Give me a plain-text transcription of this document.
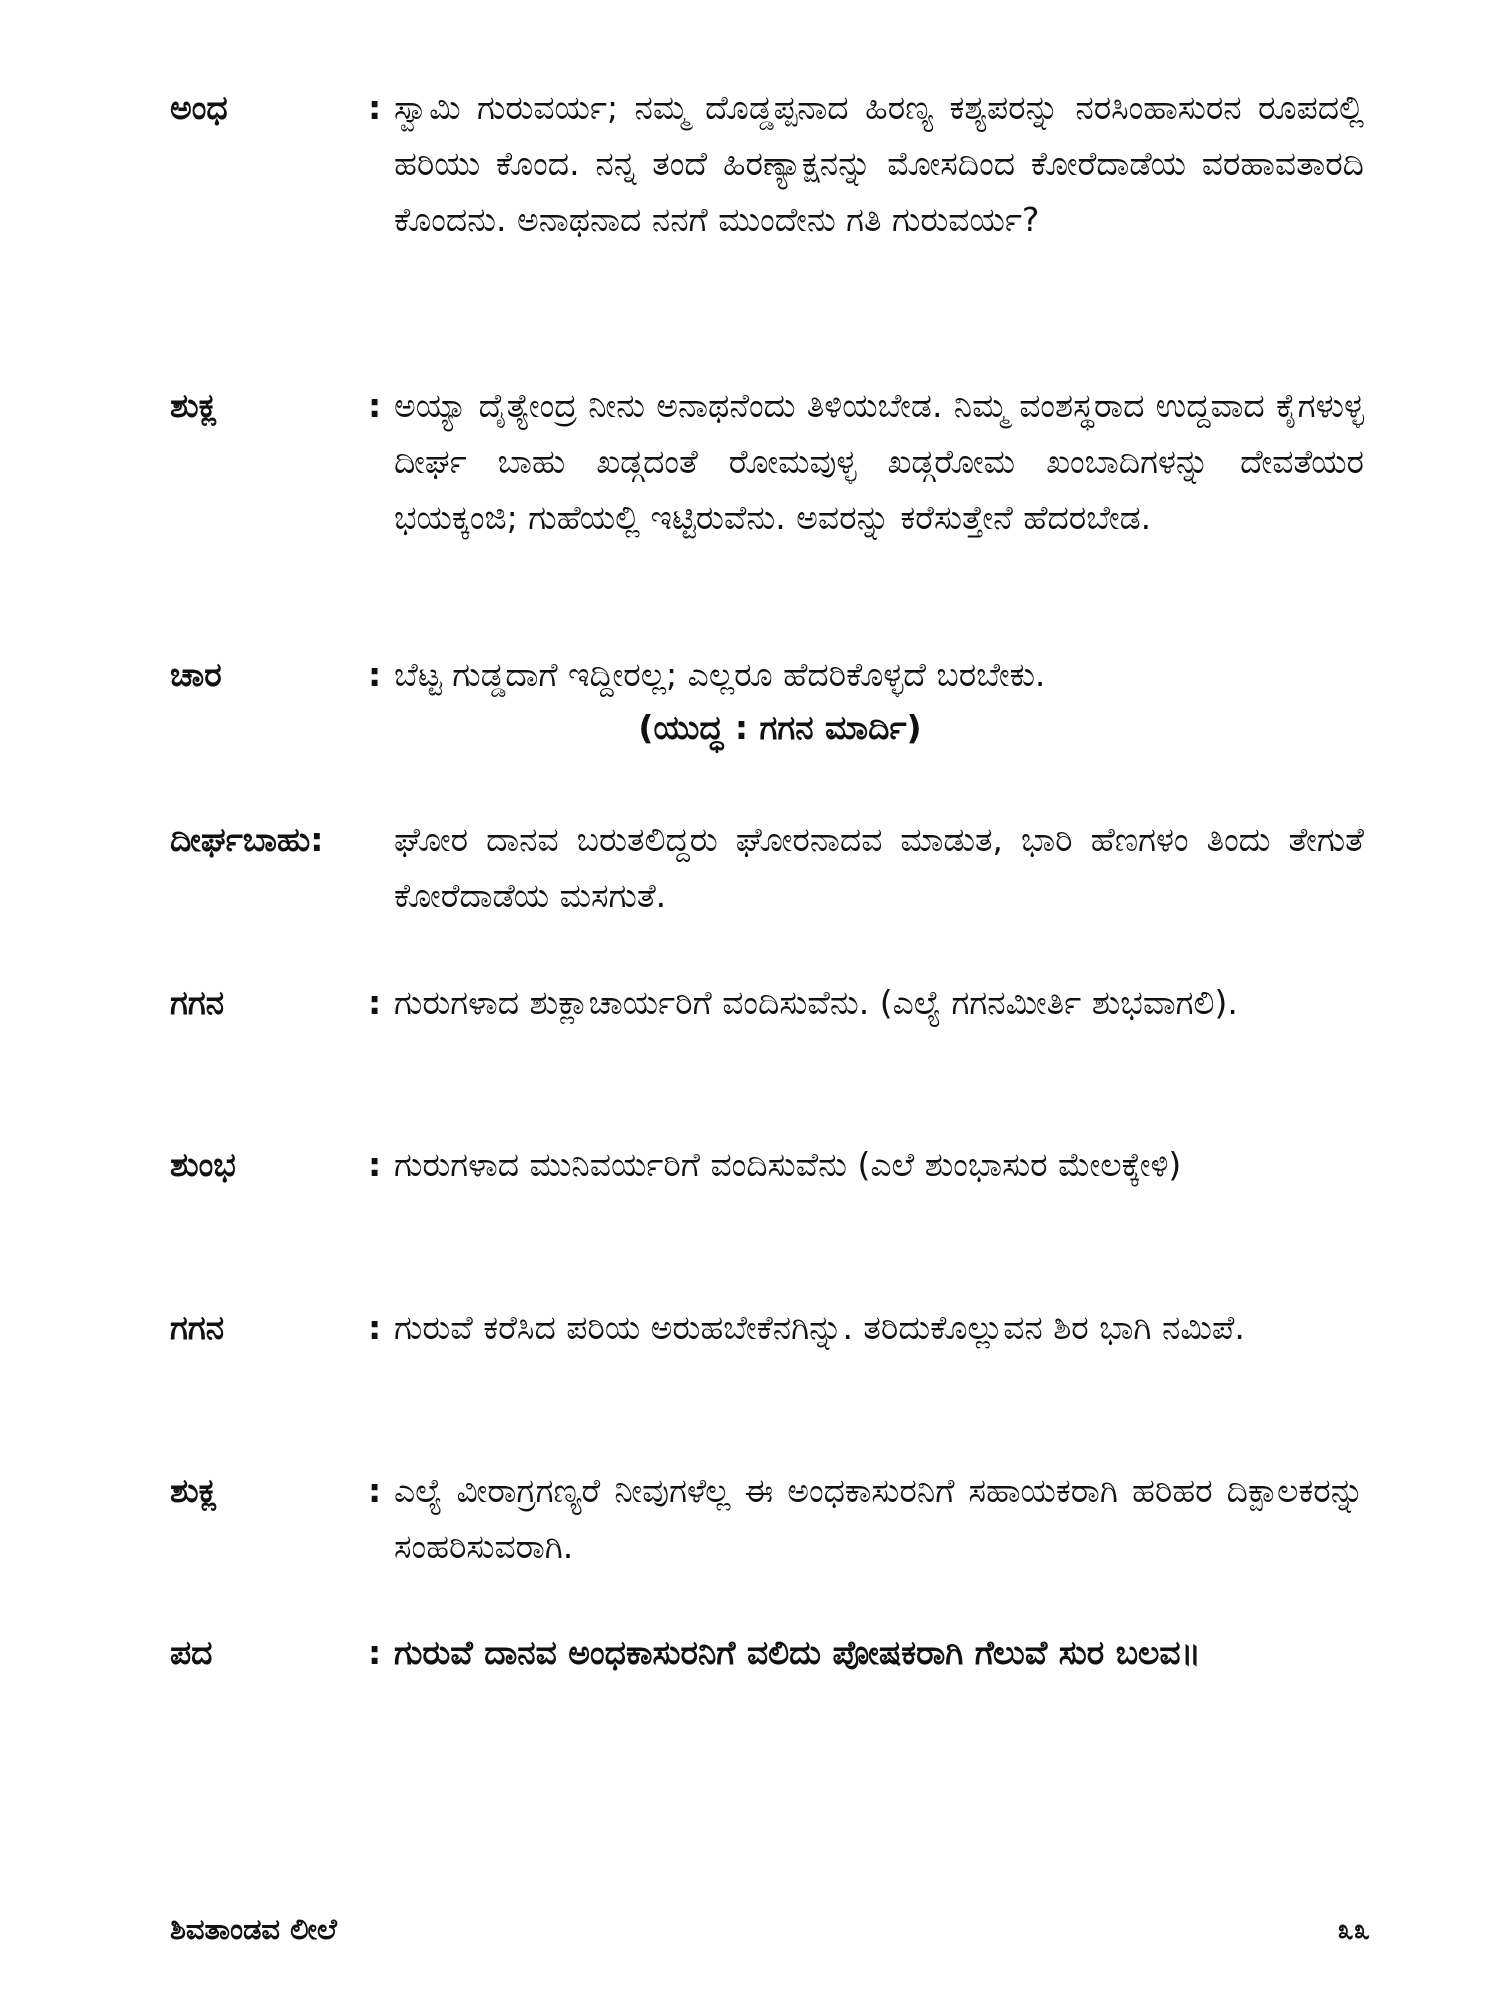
ಅಂಧ	: ಸ್ವಾಮಿ ಗುರುವರ್ಯ; ನಮ್ಮ ದೊಡ್ಡಪ್ಪನಾದ ಹಿರಣ್ಯ ಕಶ್ಯಪರನ್ನು ನರಸಿಂಹಾಸುರನ ರೂಪದಲ್ಲಿ ಹರಿಯು ಕೊಂದ. ನನ್ನ ತಂದೆ ಹಿರಣ್ಯಾಕ್ಷನನ್ನು ಮೋಸದಿಂದ ಕೋರೆದಾಡೆಯ ವರಹಾವತಾರದಿ ಕೊಂದನು. ಅನಾಥನಾದ ನನಗೆ ಮುಂದೇನು ಗತಿ ಗುರುವರ್ಯ?
ಶುಕ್ಲ	: ಅಯ್ಯಾ ದೈತ್ಯೇಂದ್ರ ನೀನು ಅನಾಥನೆಂದು ತಿಳಿಯಬೇಡ. ನಿಮ್ಮ ವಂಶಸ್ಥರಾದ ಉದ್ದವಾದ ಕೈಗಳುಳ್ಳ ದೀರ್ಘ ಬಾಹು ಖಡ್ಗದಂತೆ ರೋಮವುಳ್ಳ ಖಡ್ಗರೋಮ ಖಂಬಾದಿಗಳನ್ನು ದೇವತೆಯರ ಭಯಕ್ಕಂಜಿ; ಗುಹೆಯಲ್ಲಿ ಇಟ್ಟಿರುವೆನು. ಅವರನ್ನು ಕರೆಸುತ್ತೇನೆ ಹೆದರಬೇಡ.
ಚಾರ	: ಬೆಟ್ಟ ಗುಡ್ಡದಾಗೆ ಇದ್ದೀರಲ್ಲ; ಎಲ್ಲರೂ ಹೆದರಿಕೊಳ್ಳದೆ ಬರಬೇಕು.
(ಯುದ್ಧ : ಗಗನ ಮಾರ್ದಿ)
ದೀರ್ಘಬಾಹು:	ಘೋರ ದಾನವ ಬರುತಲಿದ್ದರು ಘೋರನಾದವ ಮಾಡುತ, ಭಾರಿ ಹೆಣಗಳಂ ತಿಂದು ತೇಗುತೆ ಕೋರೆದಾಡೆಯ ಮಸಗುತೆ.
ಗಗನ	: ಗುರುಗಳಾದ ಶುಕ್ಲಾಚಾರ್ಯರಿಗೆ ವಂದಿಸುವೆನು. (ಎಲ್ಯೆ ಗಗನಮೀರ್ತಿ ಶುಭವಾಗಲಿ).
ಶುಂಭ	: ಗುರುಗಳಾದ ಮುನಿವರ್ಯರಿಗೆ ವಂದಿಸುವೆನು (ಎಲೆ ಶುಂಭಾಸುರ ಮೇಲಕ್ಕೇಳಿ)
ಗಗನ	: ಗುರುವೆ ಕರೆಸಿದ ಪರಿಯ ಅರುಹಬೇಕೆನಗಿನ್ನು. ತರಿದುಕೊಲ್ಲುವನ ಶಿರ ಭಾಗಿ ನಮಿಪೆ.
ಶುಕ್ಲ	: ಎಲ್ಯೆ ವೀರಾಗ್ರಗಣ್ಯರೆ ನೀವುಗಳೆಲ್ಲ ಈ ಅಂಧಕಾಸುರನಿಗೆ ಸಹಾಯಕರಾಗಿ ಹರಿಹರ ದಿಕ್ಪಾಲಕರನ್ನು ಸಂಹರಿಸುವರಾಗಿ.
ಪದ	: ಗುರುವೆ ದಾನವ ಅಂಧಕಾಸುರನಿಗೆ ವಲಿದು ಪೋಷಕರಾಗಿ ಗೆಲುವೆ ಸುರ ಬಲವ॥
ಶಿವತಾಂಡವ ಲೀಲೆ	೩೩
